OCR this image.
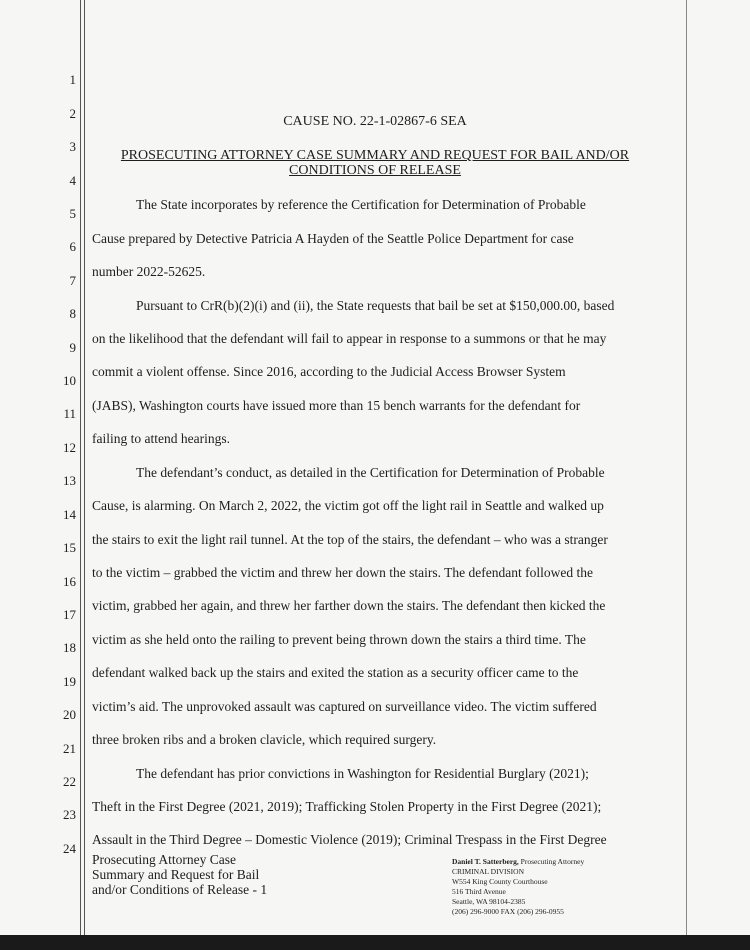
1
2
3
4
5
6
7
8
9
10
11
12
13
14
15
16
17
18
19
20
21
22
23
24
CAUSE NO. 22-1-02867-6 SEA
PROSECUTING ATTORNEY CASE SUMMARY AND REQUEST FOR BAIL AND/OR
CONDITIONS OF RELEASE
The State incorporates by reference the Certification for Determination of Probable
Cause prepared by Detective Patricia A Hayden of the Seattle Police Department for case
number 2022-52625.
Pursuant to CrR(b)(2)(i) and (ii), the State requests that bail be set at $150,000.00, based
on the likelihood that the defendant will fail to appear in response to a summons or that he may
commit a violent offense. Since 2016, according to the Judicial Access Browser System
(JABS), Washington courts have issued more than 15 bench warrants for the defendant for
failing to attend hearings.
The defendant’s conduct, as detailed in the Certification for Determination of Probable
Cause, is alarming. On March 2, 2022, the victim got off the light rail in Seattle and walked up
the stairs to exit the light rail tunnel. At the top of the stairs, the defendant – who was a stranger
to the victim – grabbed the victim and threw her down the stairs. The defendant followed the
victim, grabbed her again, and threw her farther down the stairs. The defendant then kicked the
victim as she held onto the railing to prevent being thrown down the stairs a third time. The
defendant walked back up the stairs and exited the station as a security officer came to the
victim’s aid. The unprovoked assault was captured on surveillance video. The victim suffered
three broken ribs and a broken clavicle, which required surgery.
The defendant has prior convictions in Washington for Residential Burglary (2021);
Theft in the First Degree (2021, 2019); Trafficking Stolen Property in the First Degree (2021);
Assault in the Third Degree – Domestic Violence (2019); Criminal Trespass in the First Degree
Prosecuting Attorney Case
Summary and Request for Bail
and/or Conditions of Release - 1
Daniel T. Satterberg, Prosecuting Attorney
CRIMINAL DIVISION
W554 King County Courthouse
516 Third Avenue
Seattle, WA 98104-2385
(206) 296-9000 FAX (206) 296-0955
